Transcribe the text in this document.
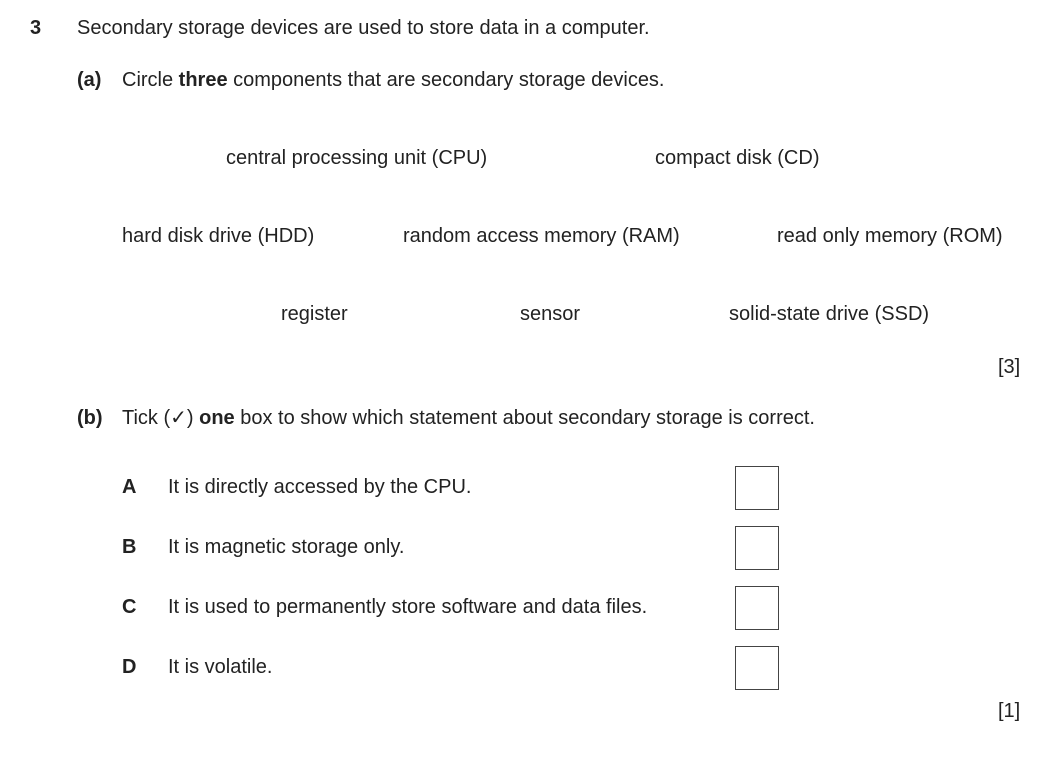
3 Secondary storage devices are used to store data in a computer.
(a) Circle three components that are secondary storage devices.
central processing unit (CPU)	compact disk (CD)
hard disk drive (HDD)	random access memory (RAM)	read only memory (ROM)
register	sensor	solid-state drive (SSD)
[3]
(b) Tick (✓) one box to show which statement about secondary storage is correct.
A It is directly accessed by the CPU.
B It is magnetic storage only.
C It is used to permanently store software and data files.
D It is volatile.
[1]
